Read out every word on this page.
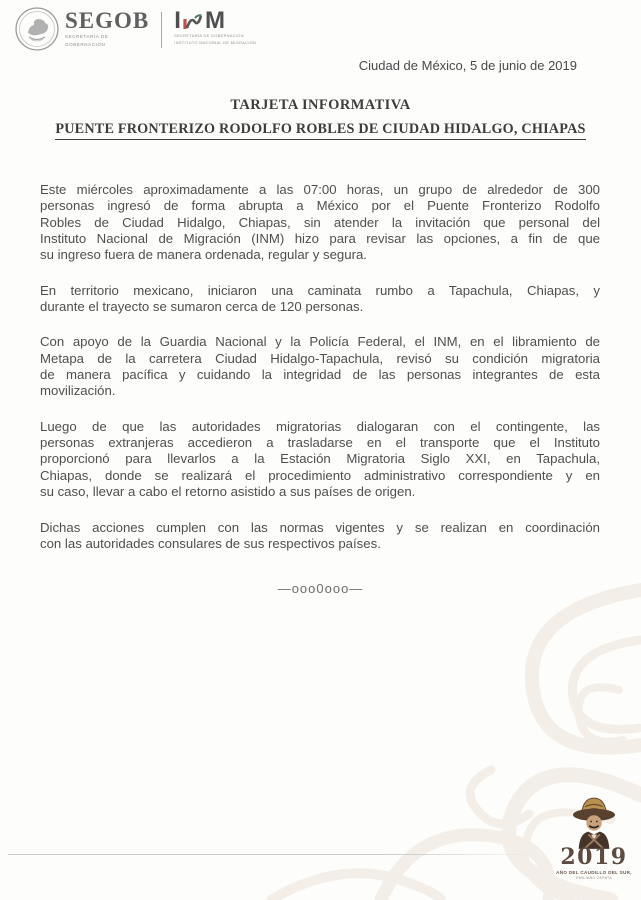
SEGOB
SECRETARÍA DE
GOBERNACIÓN
I M
SECRETARÍA DE GOBERNACIÓN
INSTITUTO NACIONAL DE MIGRACIÓN
Ciudad de México, 5 de junio de 2019
TARJETA INFORMATIVA
PUENTE FRONTERIZO RODOLFO ROBLES DE CIUDAD HIDALGO, CHIAPAS
Este miércoles aproximadamente a las 07:00 horas, un grupo de alrededor de 300
personas ingresó de forma abrupta a México por el Puente Fronterizo Rodolfo
Robles de Ciudad Hidalgo, Chiapas, sin atender la invitación que personal del
Instituto Nacional de Migración (INM) hizo para revisar las opciones, a fin de que
su ingreso fuera de manera ordenada, regular y segura.
En territorio mexicano, iniciaron una caminata rumbo a Tapachula, Chiapas, y
durante el trayecto se sumaron cerca de 120 personas.
Con apoyo de la Guardia Nacional y la Policía Federal, el INM, en el libramiento de
Metapa de la carretera Ciudad Hidalgo-Tapachula, revisó su condición migratoria
de manera pacífica y cuidando la integridad de las personas integrantes de esta
movilización.
Luego de que las autoridades migratorias dialogaran con el contingente, las
personas extranjeras accedieron a trasladarse en el transporte que el Instituto
proporcionó para llevarlos a la Estación Migratoria Siglo XXI, en Tapachula,
Chiapas, donde se realizará el procedimiento administrativo correspondiente y en
su caso, llevar a cabo el retorno asistido a sus países de origen.
Dichas acciones cumplen con las normas vigentes y se realizan en coordinación
con las autoridades consulares de sus respectivos países.
—ooo0ooo—
2019
AÑO DEL CAUDILLO DEL SUR,
EMILIANO ZAPATA
